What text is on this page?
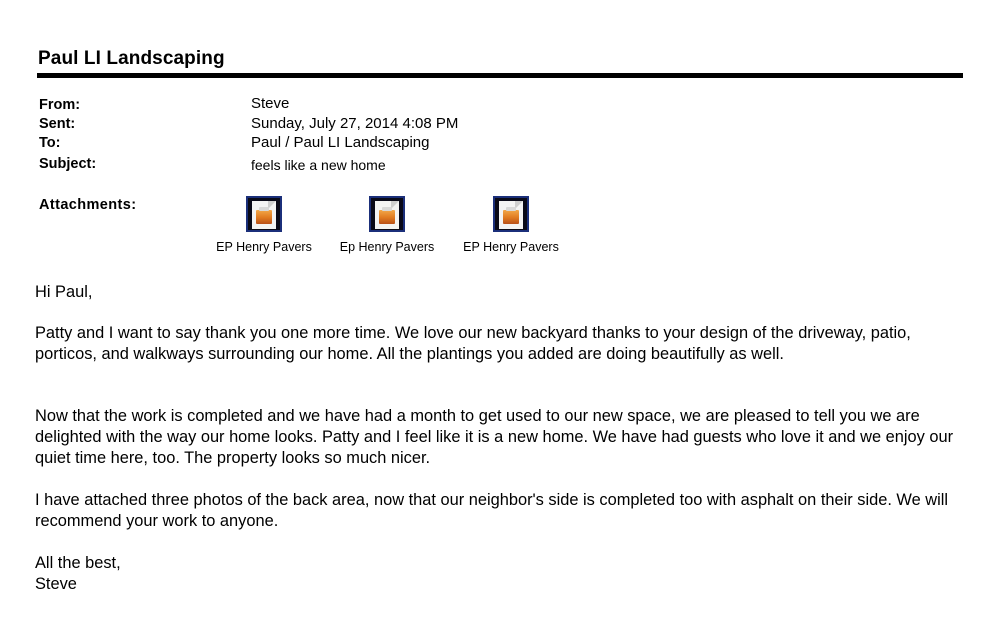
Paul LI Landscaping
From:	Steve
Sent:	Sunday, July 27, 2014 4:08 PM
To:	Paul / Paul LI Landscaping
Subject:	feels like a new home
Attachments:
EP Henry Pavers	Ep Henry Pavers	EP Henry Pavers

Hi Paul,

Patty and I want to say thank you one more time. We love our new backyard thanks to your design of the driveway, patio, porticos, and walkways surrounding our home. All the plantings you added are doing beautifully as well.

Now that the work is completed and we have had a month to get used to our new space, we are pleased to tell you we are delighted with the way our home looks. Patty and I feel like it is a new home. We have had guests who love it and we enjoy our quiet time here, too. The property looks so much nicer.

I have attached three photos of the back area, now that our neighbor's side is completed too with asphalt on their side. We will recommend your work to anyone.

All the best,

Steve
